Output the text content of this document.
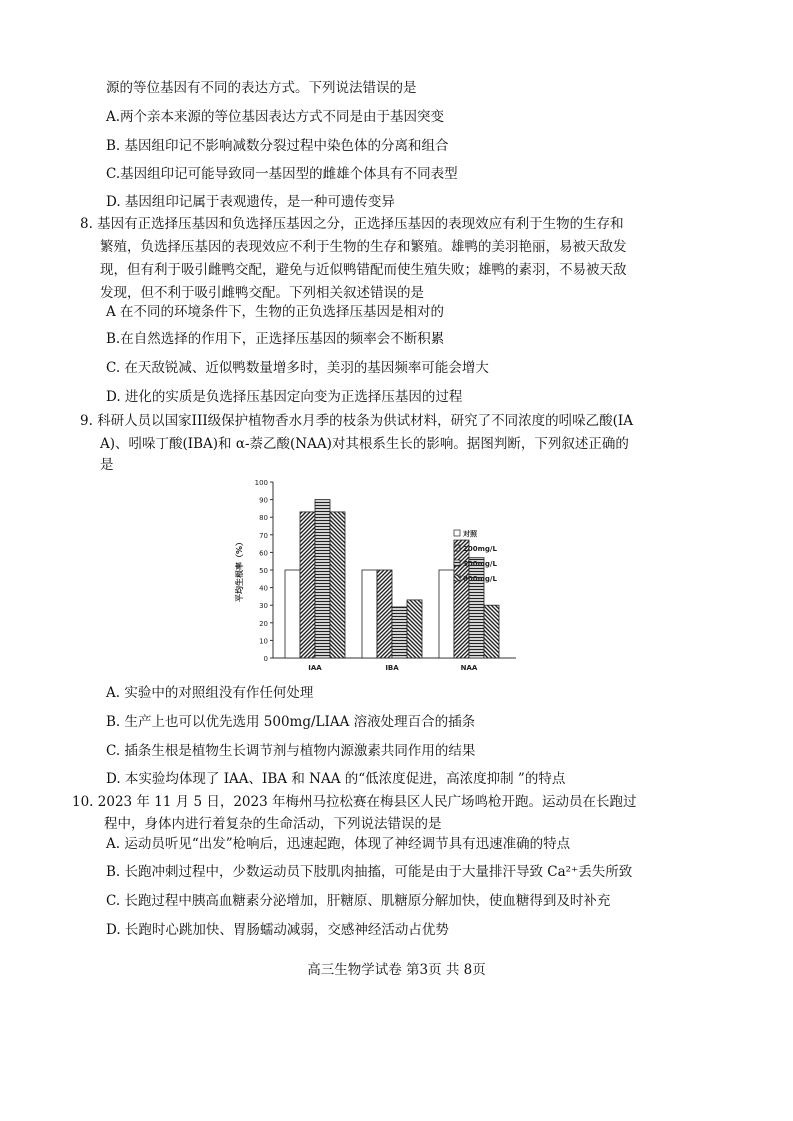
源的等位基因有不同的表达方式。下列说法错误的是
A.两个亲本来源的等位基因表达方式不同是由于基因突变
B. 基因组印记不影响减数分裂过程中染色体的分离和组合
C.基因组印记可能导致同一基因型的雌雄个体具有不同表型
D. 基因组印记属于表观遗传，是一种可遗传变异
8. 基因有正选择压基因和负选择压基因之分，正选择压基因的表现效应有利于生物的生存和
繁殖，负选择压基因的表现效应不利于生物的生存和繁殖。雄鸭的美羽艳丽，易被天敌发
现，但有利于吸引雌鸭交配，避免与近似鸭错配而使生殖失败；雄鸭的素羽，不易被天敌
发现，但不利于吸引雌鸭交配。下列相关叙述错误的是
A 在不同的环境条件下，生物的正负选择压基因是相对的
B.在自然选择的作用下，正选择压基因的频率会不断积累
C. 在天敌锐减、近似鸭数量增多时，美羽的基因频率可能会增大
D. 进化的实质是负选择压基因定向变为正选择压基因的过程
9. 科研人员以国家III级保护植物香水月季的枝条为供试材料，研究了不同浓度的吲哚乙酸(IA
A)、吲哚丁酸(IBA)和 α-萘乙酸(NAA)对其根系生长的影响。据图判断，下列叙述正确的
是
0
10
20
30
40
50
60
70
80
90
100
平均生根率（%）
IAA	IBA	NAA
对照
200mg/L
500mg/L
800mg/L
A. 实验中的对照组没有作任何处理
B. 生产上也可以优先选用 500mg/LIAA 溶液处理百合的插条
C. 插条生根是植物生长调节剂与植物内源激素共同作用的结果
D. 本实验均体现了 IAA、IBA 和 NAA 的“低浓度促进，高浓度抑制 ”的特点
10. 2023 年 11 月 5 日，2023 年梅州马拉松赛在梅县区人民广场鸣枪开跑。运动员在长跑过
程中，身体内进行着复杂的生命活动，下列说法错误的是
A. 运动员听见“出发”枪响后，迅速起跑，体现了神经调节具有迅速准确的特点
B. 长跑冲刺过程中，少数运动员下肢肌肉抽搐，可能是由于大量排汗导致 Ca²⁺丢失所致
C. 长跑过程中胰高血糖素分泌增加，肝糖原、肌糖原分解加快，使血糖得到及时补充
D. 长跑时心跳加快、胃肠蠕动减弱，交感神经活动占优势
高三生物学试卷 第3页 共 8页
